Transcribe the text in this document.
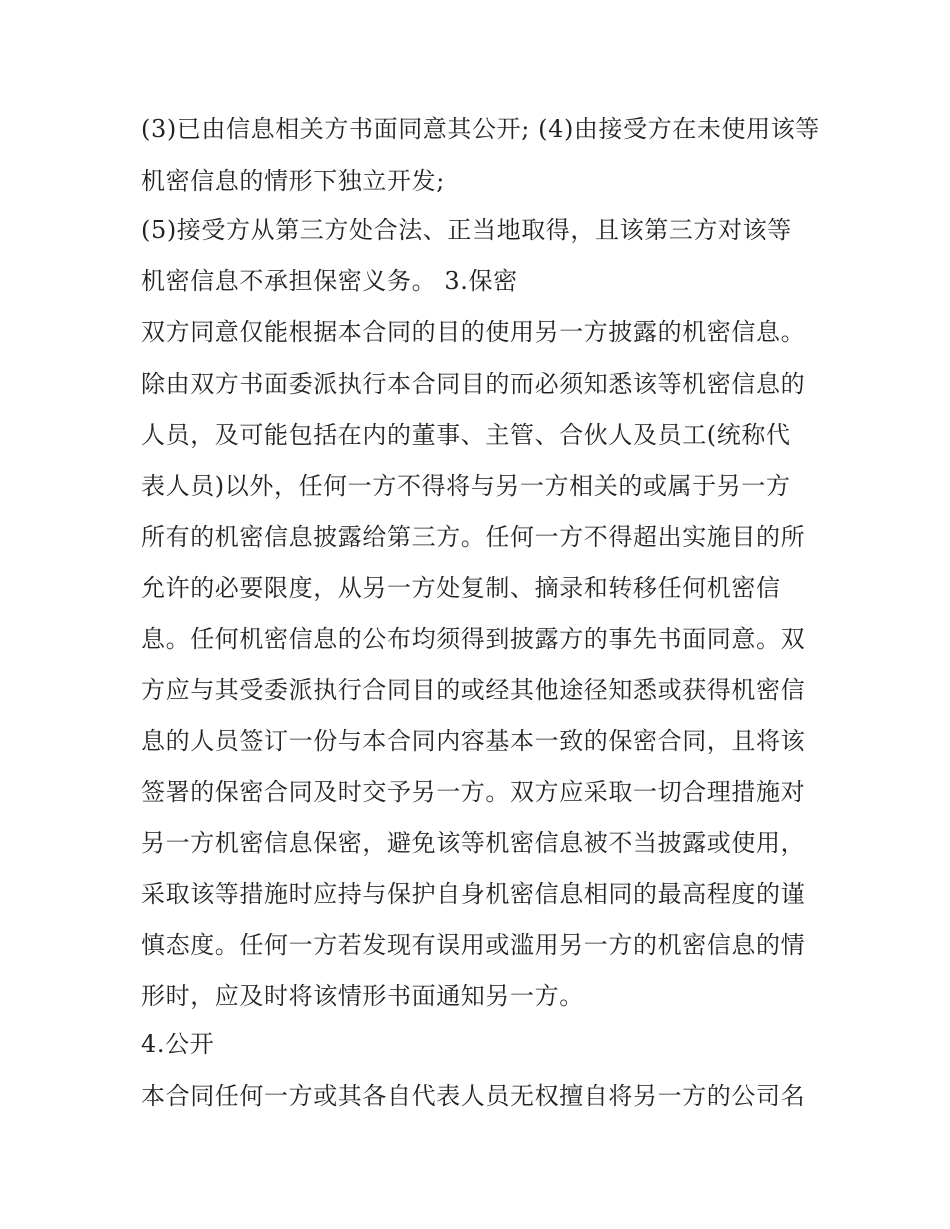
(3)已由信息相关方书面同意其公开; (4)由接受方在未使用该等
机密信息的情形下独立开发;
(5)接受方从第三方处合法、正当地取得，且该第三方对该等
机密信息不承担保密义务。 3.保密
双方同意仅能根据本合同的目的使用另一方披露的机密信息。
除由双方书面委派执行本合同目的而必须知悉该等机密信息的
人员，及可能包括在内的董事、主管、合伙人及员工(统称代
表人员)以外，任何一方不得将与另一方相关的或属于另一方
所有的机密信息披露给第三方。任何一方不得超出实施目的所
允许的必要限度，从另一方处复制、摘录和转移任何机密信
息。任何机密信息的公布均须得到披露方的事先书面同意。双
方应与其受委派执行合同目的或经其他途径知悉或获得机密信
息的人员签订一份与本合同内容基本一致的保密合同，且将该
签署的保密合同及时交予另一方。双方应采取一切合理措施对
另一方机密信息保密，避免该等机密信息被不当披露或使用，
采取该等措施时应持与保护自身机密信息相同的最高程度的谨
慎态度。任何一方若发现有误用或滥用另一方的机密信息的情
形时，应及时将该情形书面通知另一方。
4.公开
本合同任何一方或其各自代表人员无权擅自将另一方的公司名
